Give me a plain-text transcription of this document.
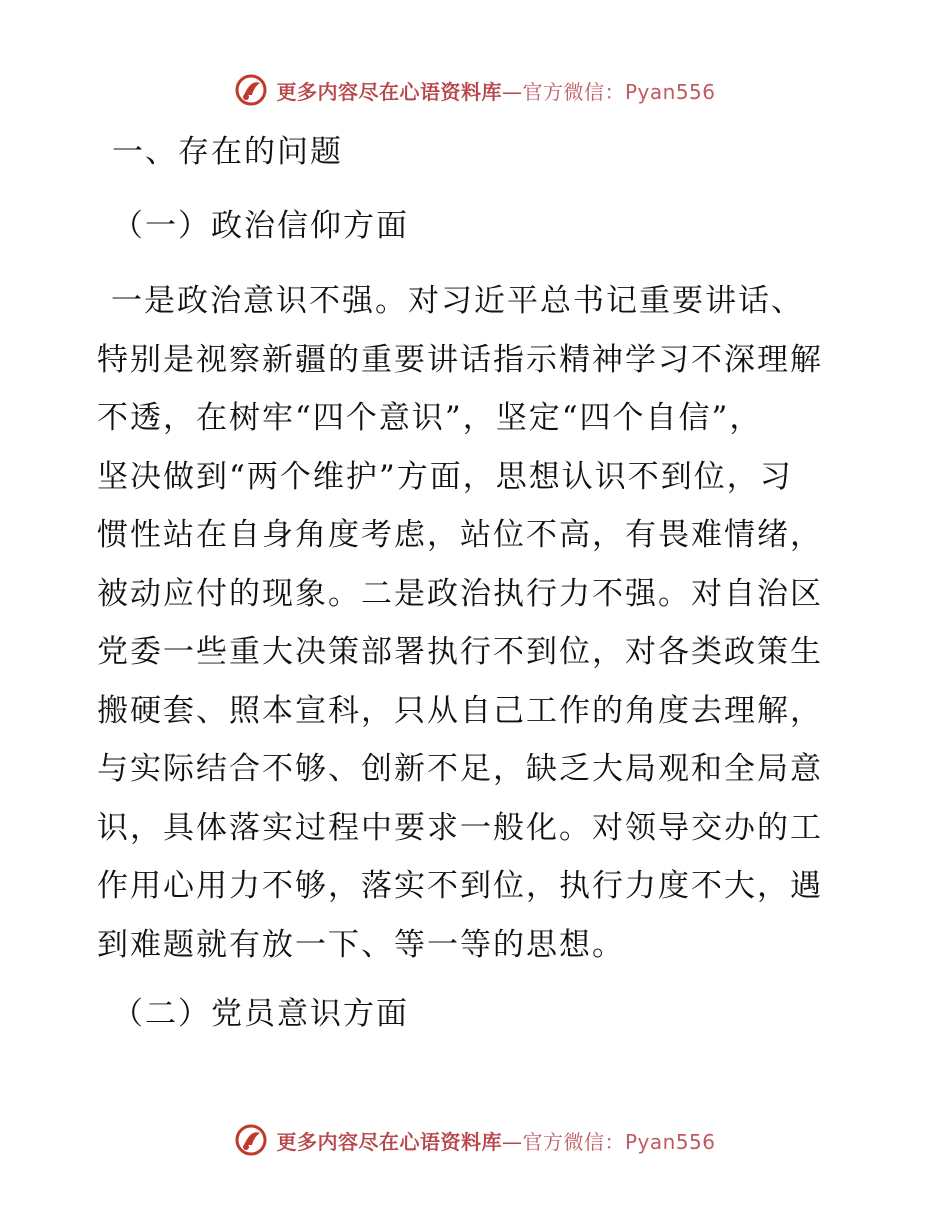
更多内容尽在心语资料库—官方微信：Pyan556
一、存在的问题
（一）政治信仰方面
一是政治意识不强。对习近平总书记重要讲话、
特别是视察新疆的重要讲话指示精神学习不深理解
不透，在树牢“四个意识”，坚定“四个自信”，
坚决做到“两个维护”方面，思想认识不到位，习
惯性站在自身角度考虑，站位不高，有畏难情绪，
被动应付的现象。二是政治执行力不强。对自治区
党委一些重大决策部署执行不到位，对各类政策生
搬硬套、照本宣科，只从自己工作的角度去理解，
与实际结合不够、创新不足，缺乏大局观和全局意
识，具体落实过程中要求一般化。对领导交办的工
作用心用力不够，落实不到位，执行力度不大，遇
到难题就有放一下、等一等的思想。
（二）党员意识方面
更多内容尽在心语资料库—官方微信：Pyan556
